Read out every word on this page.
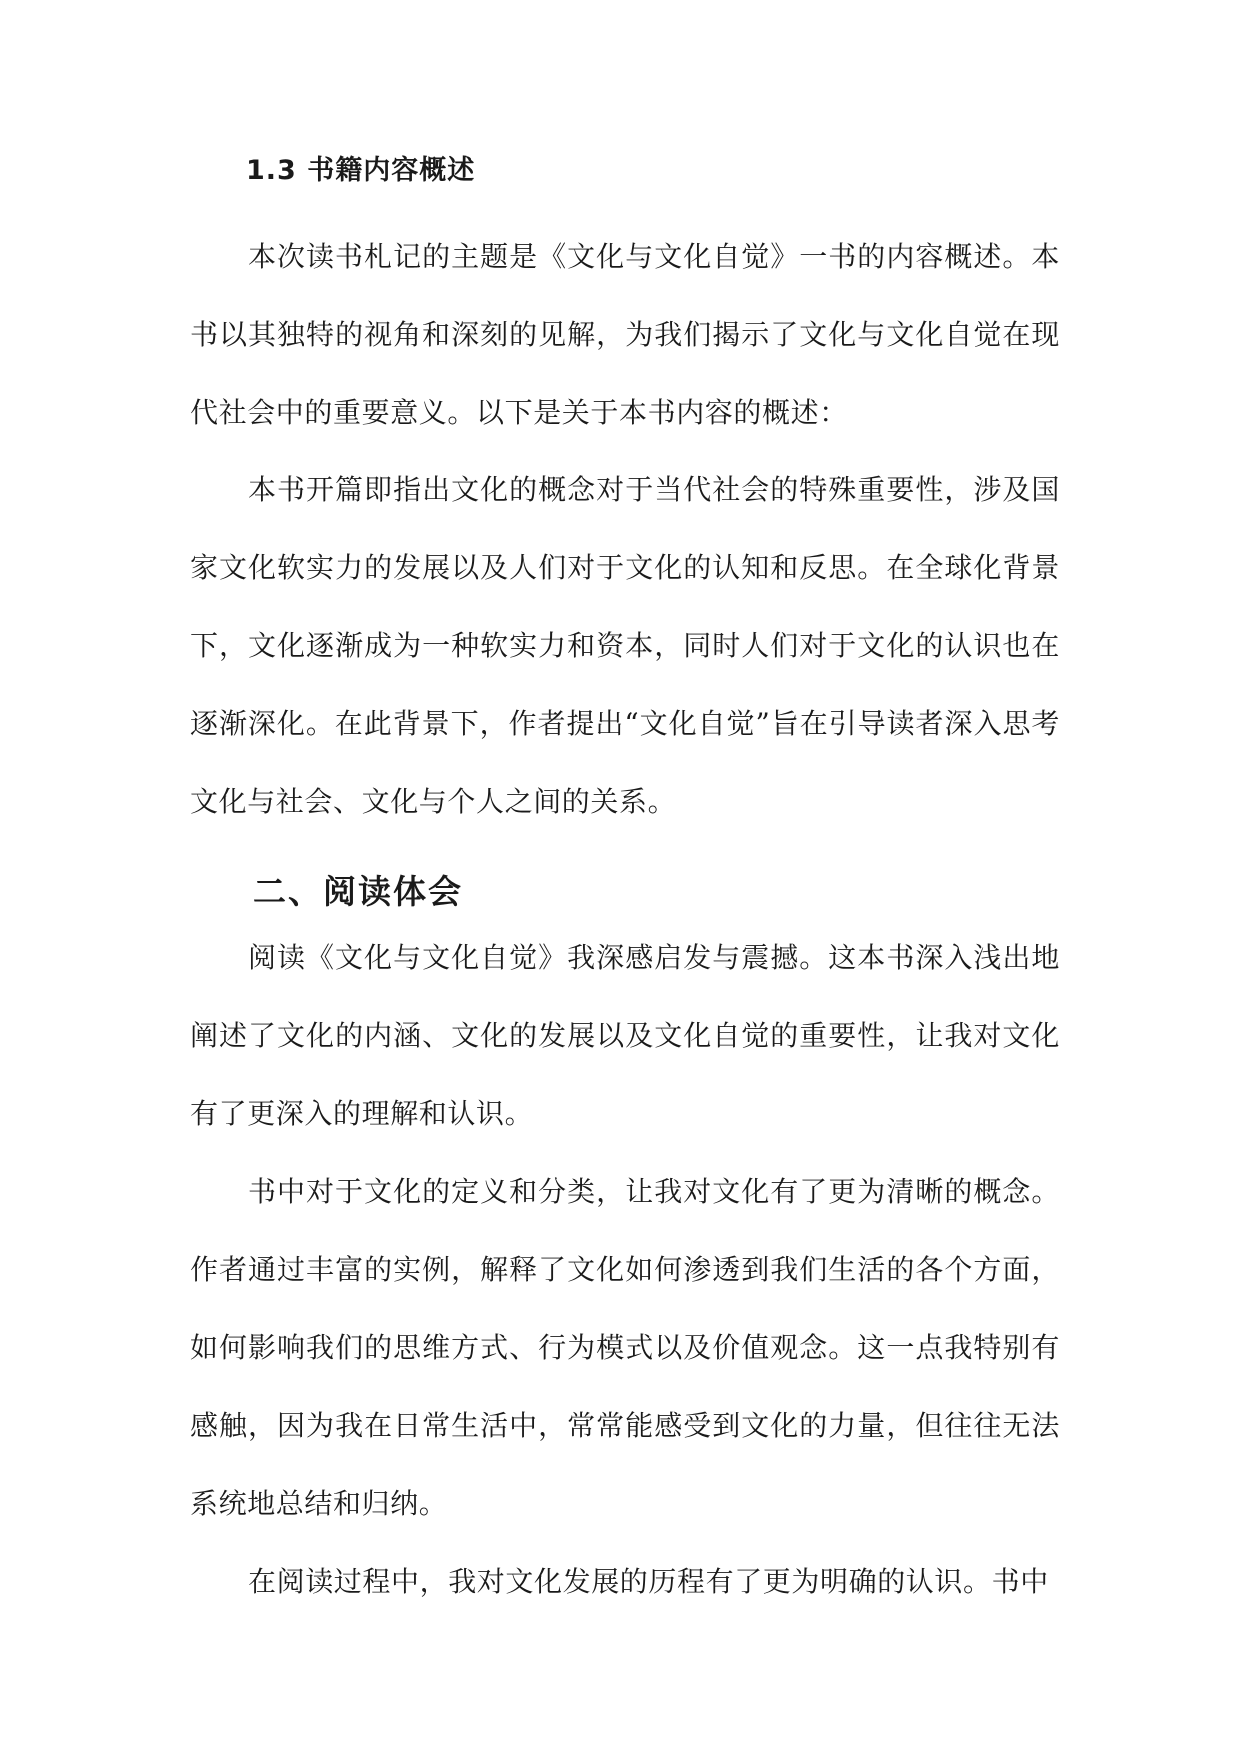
1.3 书籍内容概述

本次读书札记的主题是《文化与文化自觉》一书的内容概述。本书以其独特的视角和深刻的见解，为我们揭示了文化与文化自觉在现代社会中的重要意义。以下是关于本书内容的概述：

本书开篇即指出文化的概念对于当代社会的特殊重要性，涉及国家文化软实力的发展以及人们对于文化的认知和反思。在全球化背景下，文化逐渐成为一种软实力和资本，同时人们对于文化的认识也在逐渐深化。在此背景下，作者提出“文化自觉”旨在引导读者深入思考文化与社会、文化与个人之间的关系。

二、阅读体会

阅读《文化与文化自觉》我深感启发与震撼。这本书深入浅出地阐述了文化的内涵、文化的发展以及文化自觉的重要性，让我对文化有了更深入的理解和认识。

书中对于文化的定义和分类，让我对文化有了更为清晰的概念。作者通过丰富的实例，解释了文化如何渗透到我们生活的各个方面，如何影响我们的思维方式、行为模式以及价值观念。这一点我特别有感触，因为我在日常生活中，常常能感受到文化的力量，但往往无法系统地总结和归纳。

在阅读过程中，我对文化发展的历程有了更为明确的认识。书中
